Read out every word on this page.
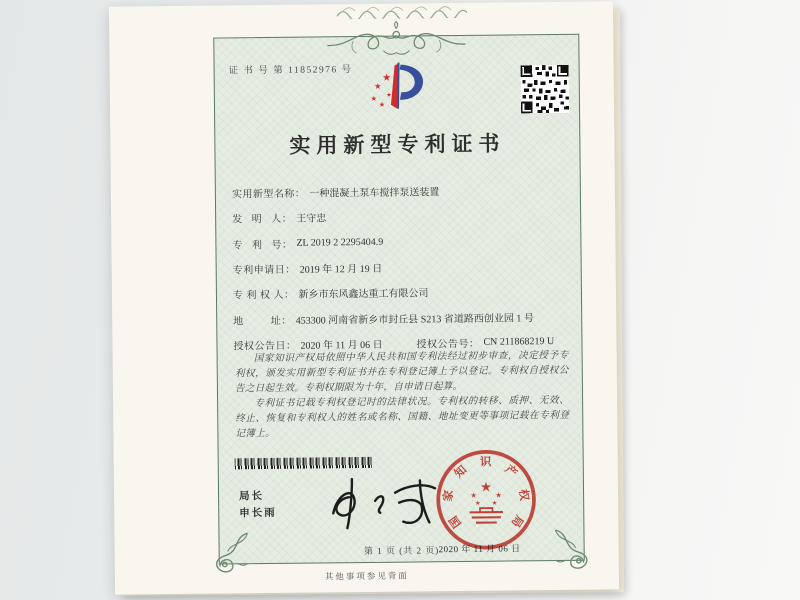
证 书 号 第 11852976 号
★
★
★
★
★
实用新型专利证书
实用新型名称： 一种混凝土泵车搅拌泵送装置
发   明   人： 王守忠
专   利   号： ZL 2019 2 2295404.9
专利申请日： 2019 年 12 月 19 日
专 利 权 人： 新乡市东风鑫达重工有限公司
地         址： 453300 河南省新乡市封丘县 S213 省道路西创业园 1 号
授权公告日： 2020 年 11 月 06 日	授权公告号： CN 211868219 U

国家知识产权局依照中华人民共和国专利法经过初步审查，决定授予专利权，颁发实用新型专利证书并在专利登记簿上予以登记。专利权自授权公告之日起生效。专利权期限为十年，自申请日起算。

专利证书记载专利权登记时的法律状况。专利权的转移、质押、无效、终止、恢复和专利权人的姓名或名称、国籍、地址变更等事项记载在专利登记簿上。

局长
申长雨
2020 年 11 月 06 日
国
家
知
识
产
权
局
★
★	★
★ ★
第 1 页 (共 2 页)
其他事项参见背面
